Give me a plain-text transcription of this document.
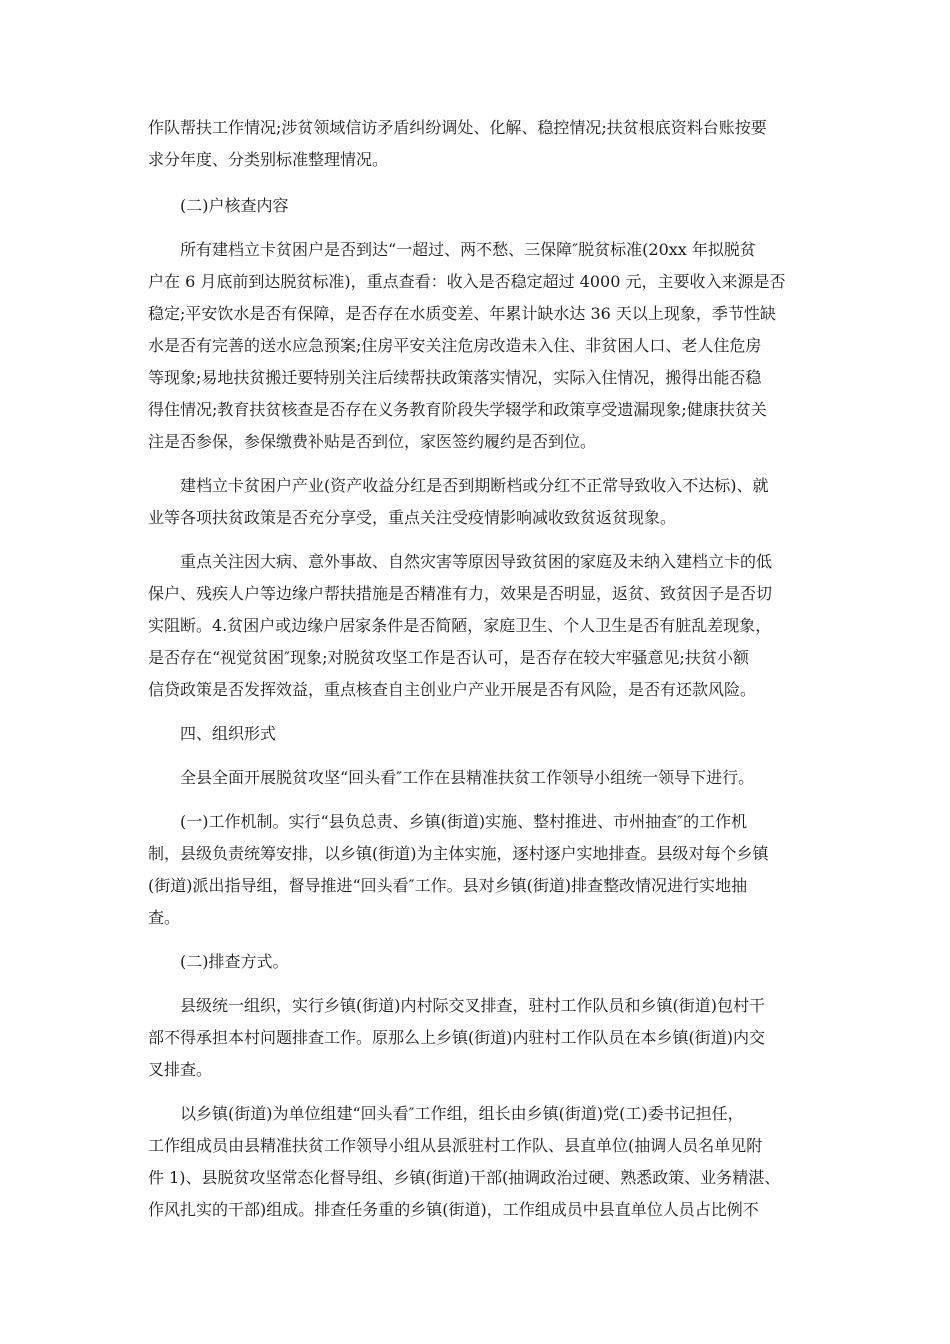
作队帮扶工作情况;涉贫领域信访矛盾纠纷调处、化解、稳控情况;扶贫根底资料台账按要
求分年度、分类别标准整理情况。
(二)户核查内容
所有建档立卡贫困户是否到达“一超过、两不愁、三保障″脱贫标准(20xx 年拟脱贫
户在 6 月底前到达脱贫标准)，重点查看：收入是否稳定超过 4000 元，主要收入来源是否
稳定;平安饮水是否有保障，是否存在水质变差、年累计缺水达 36 天以上现象，季节性缺
水是否有完善的送水应急预案;住房平安关注危房改造未入住、非贫困人口、老人住危房
等现象;易地扶贫搬迁要特别关注后续帮扶政策落实情况，实际入住情况，搬得出能否稳
得住情况;教育扶贫核查是否存在义务教育阶段失学辍学和政策享受遗漏现象;健康扶贫关
注是否参保，参保缴费补贴是否到位，家医签约履约是否到位。
建档立卡贫困户产业(资产收益分红是否到期断档或分红不正常导致收入不达标)、就
业等各项扶贫政策是否充分享受，重点关注受疫情影响减收致贫返贫现象。
重点关注因大病、意外事故、自然灾害等原因导致贫困的家庭及未纳入建档立卡的低
保户、残疾人户等边缘户帮扶措施是否精准有力，效果是否明显，返贫、致贫因子是否切
实阻断。4.贫困户或边缘户居家条件是否简陋，家庭卫生、个人卫生是否有脏乱差现象，
是否存在“视觉贫困″现象;对脱贫攻坚工作是否认可，是否存在较大牢骚意见;扶贫小额
信贷政策是否发挥效益，重点核查自主创业户产业开展是否有风险，是否有还款风险。
四、组织形式
全县全面开展脱贫攻坚“回头看″工作在县精准扶贫工作领导小组统一领导下进行。
(一)工作机制。实行“县负总责、乡镇(街道)实施、整村推进、市州抽查″的工作机
制，县级负责统筹安排，以乡镇(街道)为主体实施，逐村逐户实地排查。县级对每个乡镇
(街道)派出指导组，督导推进“回头看″工作。县对乡镇(街道)排查整改情况进行实地抽
查。
(二)排查方式。
县级统一组织，实行乡镇(街道)内村际交叉排查，驻村工作队员和乡镇(街道)包村干
部不得承担本村问题排查工作。原那么上乡镇(街道)内驻村工作队员在本乡镇(街道)内交
叉排查。
以乡镇(街道)为单位组建“回头看″工作组，组长由乡镇(街道)党(工)委书记担任，
工作组成员由县精准扶贫工作领导小组从县派驻村工作队、县直单位(抽调人员名单见附
件 1)、县脱贫攻坚常态化督导组、乡镇(街道)干部(抽调政治过硬、熟悉政策、业务精湛、
作风扎实的干部)组成。排查任务重的乡镇(街道)，工作组成员中县直单位人员占比例不
